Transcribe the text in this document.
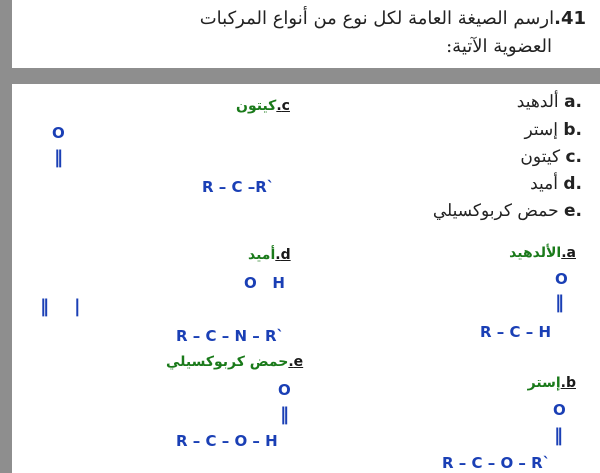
41.ارسم الصيغة العامة لكل نوع من أنواع المركبات
العضوية الآتية:
ألدهيد a.
إستر b.
كيتون c.
أميد d.
حمض كربوكسيلي e.
a.الألدهيد
O
‖
R – C – H
b.إستر
O
‖
R – C – O – R`
c.كيتون
O
‖
R – C –R`
d.أميد
O   H
‖ |
R – C – N – R`
e.حمض كربوكسيلي
O
‖
R – C – O – H
